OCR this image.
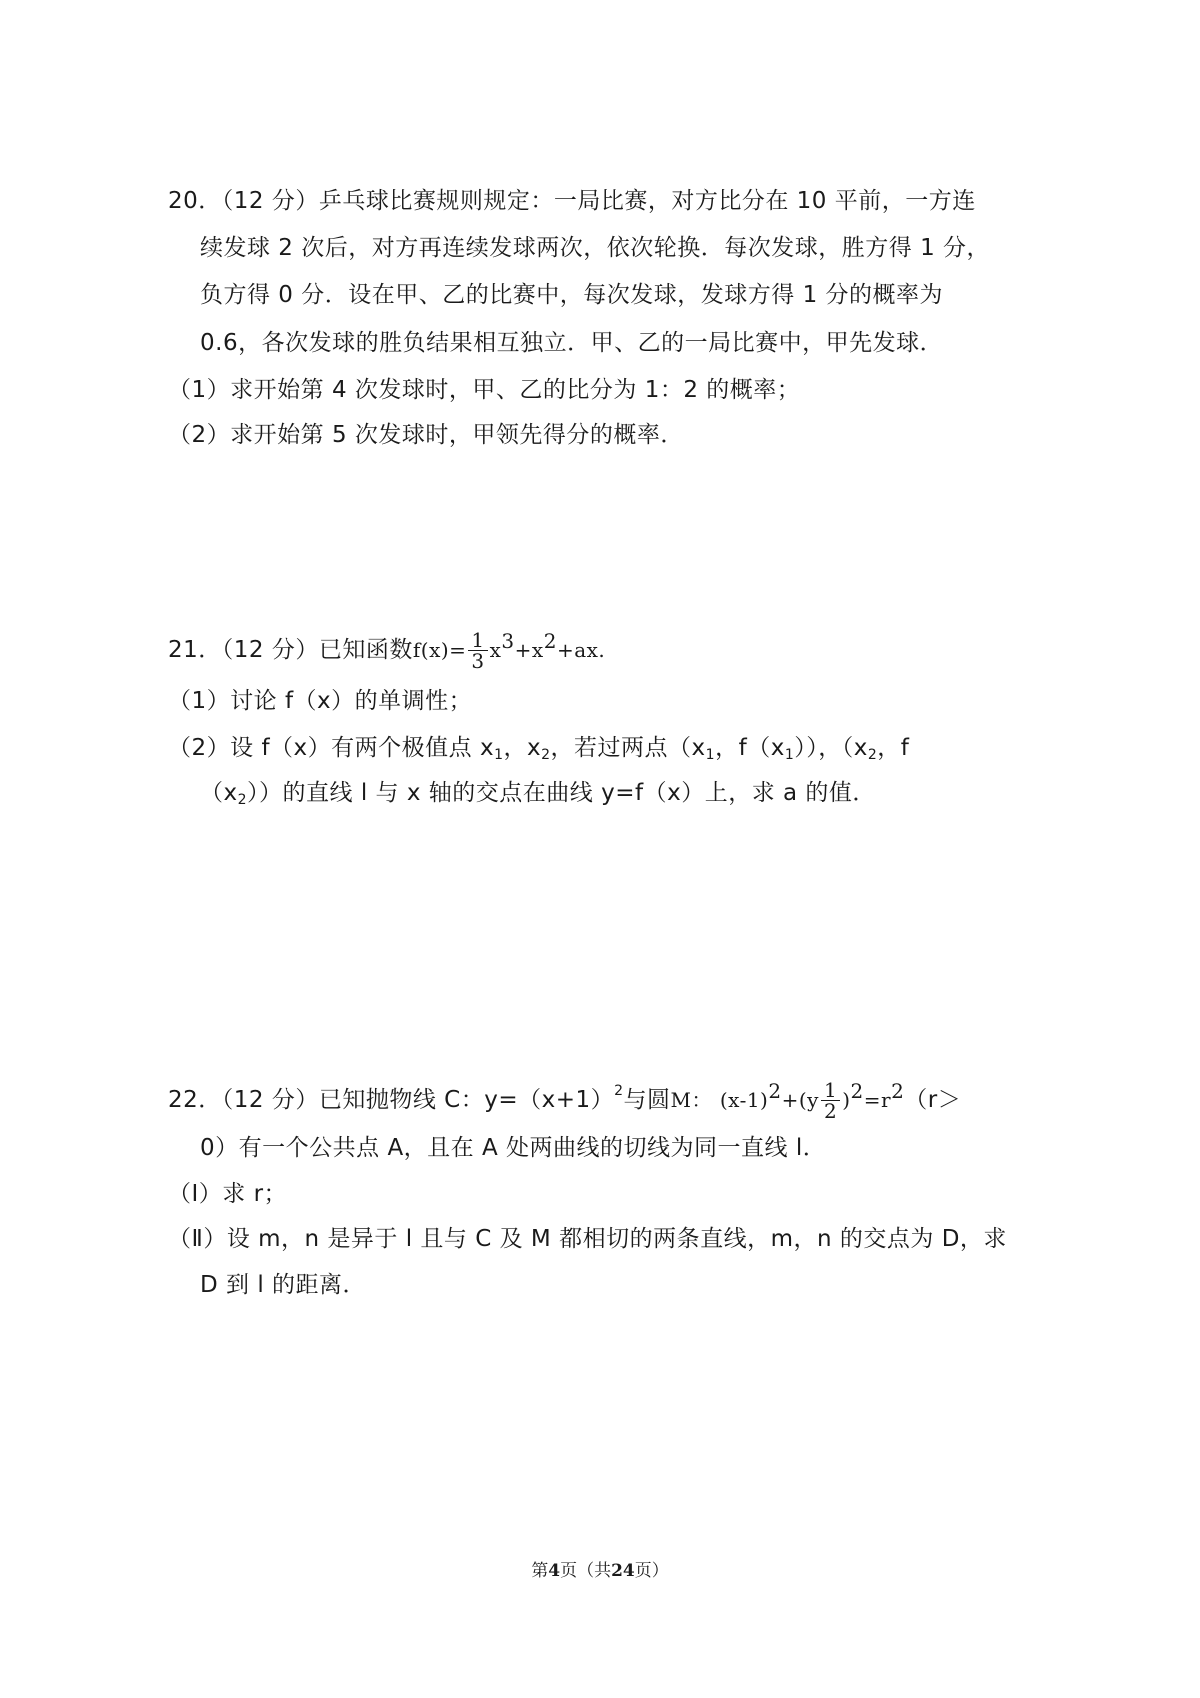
20．（12 分）乒乓球比赛规则规定：一局比赛，对方比分在 10 平前，一方连
续发球 2 次后，对方再连续发球两次，依次轮换．每次发球，胜方得 1 分，
负方得 0 分．设在甲、乙的比赛中，每次发球，发球方得 1 分的概率为
0.6，各次发球的胜负结果相互独立．甲、乙的一局比赛中，甲先发球．
（1）求开始第 4 次发球时，甲、乙的比分为 1：2 的概率；
（2）求开始第 5 次发球时，甲领先得分的概率．
21．（12 分）已知函数$f(x)= \frac{1}{3} x^3+x^2+ax$.
（1）讨论 f（x）的单调性；
（2）设 f（x）有两个极值点 $x_1$，$x_2$，若过两点（$x_1$，$f(x_1)$），（$x_2$，f
$(x_2)$）的直线 l 与 x 轴的交点在曲线 y=f（x）上，求 a 的值．
22．（12 分）已知抛物线 C：$y=(x+1)^2$与圆M： $(x-1)^2+(y \frac{1}{2} )^2=r^2(r>$
0）有一个公共点 A，且在 A 处两曲线的切线为同一直线 l．
（Ⅰ）求 r；
（Ⅱ）设 m，n 是异于 l 且与 C 及 M 都相切的两条直线，m，n 的交点为 D，求
D 到 l 的距离．
第4页（共24页）
